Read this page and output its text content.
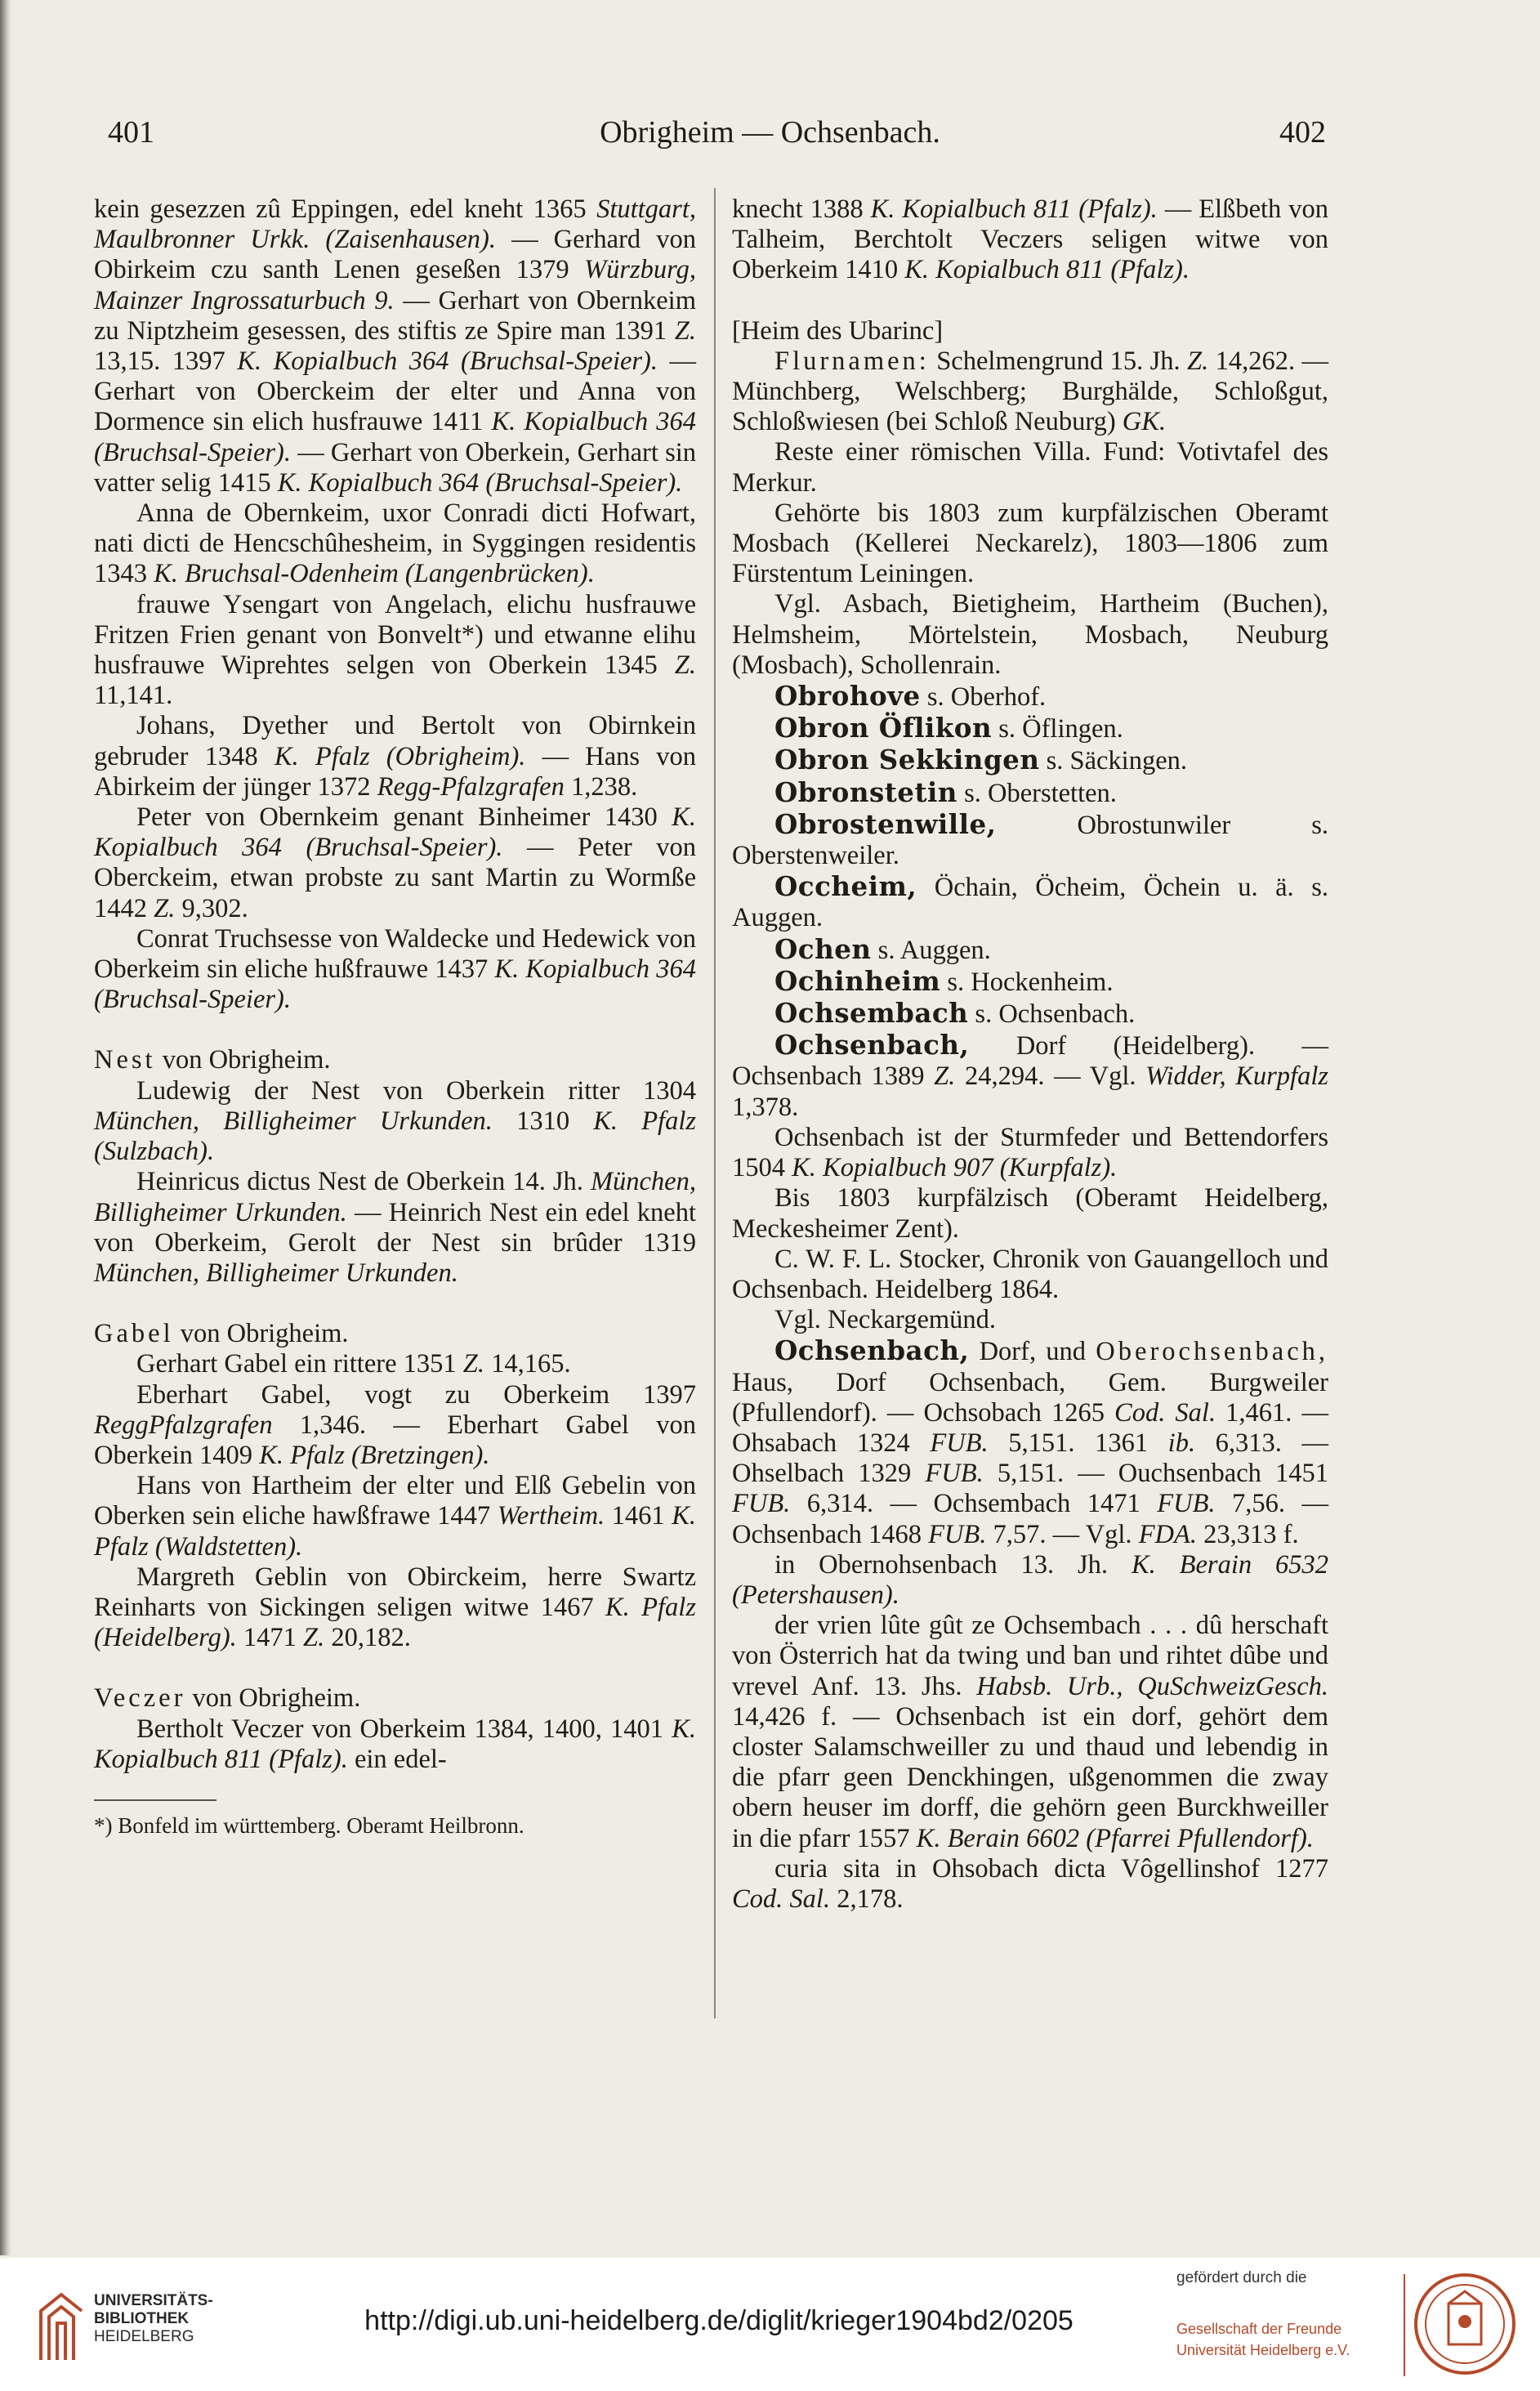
401	Obrigheim — Ochsenbach.	402

kein gesezzen zû Eppingen, edel kneht 1365 Stuttgart, Maulbronner Urkk. (Zaisenhausen). — Gerhard von Obirkeim czu santh Lenen geseßen 1379 Würzburg, Mainzer Ingrossaturbuch 9. — Gerhart von Obernkeim zu Niptzheim gesessen, des stiftis ze Spire man 1391 Z. 13,15. 1397 K. Kopialbuch 364 (Bruchsal-Speier). — Gerhart von Oberckeim der elter und Anna von Dormence sin elich husfrauwe 1411 K. Kopialbuch 364 (Bruchsal-Speier). — Gerhart von Oberkein, Gerhart sin vatter selig 1415 K. Kopialbuch 364 (Bruchsal-Speier).

Anna de Obernkeim, uxor Conradi dicti Hofwart, nati dicti de Hencschûhesheim, in Syggingen residentis 1343 K. Bruchsal-Odenheim (Langenbrücken).

frauwe Ysengart von Angelach, elichu husfrauwe Fritzen Frien genant von Bonvelt*) und etwanne elihu husfrauwe Wiprehtes selgen von Oberkein 1345 Z. 11,141.

Johans, Dyether und Bertolt von Obirnkein gebruder 1348 K. Pfalz (Obrigheim). — Hans von Abirkeim der jünger 1372 Regg-Pfalzgrafen 1,238.

Peter von Obernkeim genant Binheimer 1430 K. Kopialbuch 364 (Bruchsal-Speier). — Peter von Oberckeim, etwan probste zu sant Martin zu Wormße 1442 Z. 9,302.

Conrat Truchsesse von Waldecke und Hedewick von Oberkeim sin eliche hußfrauwe 1437 K. Kopialbuch 364 (Bruchsal-Speier).

Nest von Obrigheim.

Ludewig der Nest von Oberkein ritter 1304 München, Billigheimer Urkunden. 1310 K. Pfalz (Sulzbach).

Heinricus dictus Nest de Oberkein 14. Jh. München, Billigheimer Urkunden. — Heinrich Nest ein edel kneht von Oberkeim, Gerolt der Nest sin brûder 1319 München, Billigheimer Urkunden.

Gabel von Obrigheim.

Gerhart Gabel ein rittere 1351 Z. 14,165.

Eberhart Gabel, vogt zu Oberkeim 1397 ReggPfalzgrafen 1,346. — Eberhart Gabel von Oberkein 1409 K. Pfalz (Bretzingen).

Hans von Hartheim der elter und Elß Gebelin von Oberken sein eliche hawßfrawe 1447 Wertheim. 1461 K. Pfalz (Waldstetten).

Margreth Geblin von Obirckeim, herre Swartz Reinharts von Sickingen seligen witwe 1467 K. Pfalz (Heidelberg). 1471 Z. 20,182.

Veczer von Obrigheim.

Bertholt Veczer von Oberkeim 1384, 1400, 1401 K. Kopialbuch 811 (Pfalz). ein edel-

*) Bonfeld im württemberg. Oberamt Heilbronn.

knecht 1388 K. Kopialbuch 811 (Pfalz). — Elßbeth von Talheim, Berchtolt Veczers seligen witwe von Oberkeim 1410 K. Kopialbuch 811 (Pfalz).

[Heim des Ubarinc]

Flurnamen: Schelmengrund 15. Jh. Z. 14,262. — Münchberg, Welschberg; Burghälde, Schloßgut, Schloßwiesen (bei Schloß Neuburg) GK.

Reste einer römischen Villa. Fund: Votivtafel des Merkur.

Gehörte bis 1803 zum kurpfälzischen Oberamt Mosbach (Kellerei Neckarelz), 1803—1806 zum Fürstentum Leiningen.

Vgl. Asbach, Bietigheim, Hartheim (Buchen), Helmsheim, Mörtelstein, Mosbach, Neuburg (Mosbach), Schollenrain.

Obrohove s. Oberhof.

Obron Öflikon s. Öflingen.

Obron Sekkingen s. Säckingen.

Obronstetin s. Oberstetten.

Obrostenwille, Obrostunwiler s. Oberstenweiler.

Occheim, Öchain, Öcheim, Öchein u. ä. s. Auggen.

Ochen s. Auggen.

Ochinheim s. Hockenheim.

Ochsembach s. Ochsenbach.

Ochsenbach, Dorf (Heidelberg). — Ochsenbach 1389 Z. 24,294. — Vgl. Widder, Kurpfalz 1,378.

Ochsenbach ist der Sturmfeder und Bettendorfers 1504 K. Kopialbuch 907 (Kurpfalz).

Bis 1803 kurpfälzisch (Oberamt Heidelberg, Meckesheimer Zent).

C. W. F. L. Stocker, Chronik von Gauangelloch und Ochsenbach. Heidelberg 1864.

Vgl. Neckargemünd.

Ochsenbach, Dorf, und Oberochsenbach, Haus, Dorf Ochsenbach, Gem. Burgweiler (Pfullendorf). — Ochsobach 1265 Cod. Sal. 1,461. — Ohsabach 1324 FUB. 5,151. 1361 ib. 6,313. — Ohselbach 1329 FUB. 5,151. — Ouchsenbach 1451 FUB. 6,314. — Ochsembach 1471 FUB. 7,56. — Ochsenbach 1468 FUB. 7,57. — Vgl. FDA. 23,313 f.

in Obernohsenbach 13. Jh. K. Berain 6532 (Petershausen).

der vrien lûte gût ze Ochsembach . . . dû herschaft von Österrich hat da twing und ban und rihtet dûbe und vrevel Anf. 13. Jhs. Habsb. Urb., QuSchweizGesch. 14,426 f. — Ochsenbach ist ein dorf, gehört dem closter Salamschweiller zu und thaud und lebendig in die pfarr geen Denckhingen, ußgenommen die zway obern heuser im dorff, die gehörn geen Burckhweiller in die pfarr 1557 K. Berain 6602 (Pfarrei Pfullendorf).

curia sita in Ohsobach dicta Vôgellinshof 1277 Cod. Sal. 2,178.

UNIVERSITÄTS-
BIBLIOTHEK
HEIDELBERG
http://digi.ub.uni-heidelberg.de/diglit/krieger1904bd2/0205
gefördert durch die
Gesellschaft der Freunde
Universität Heidelberg e.V.
